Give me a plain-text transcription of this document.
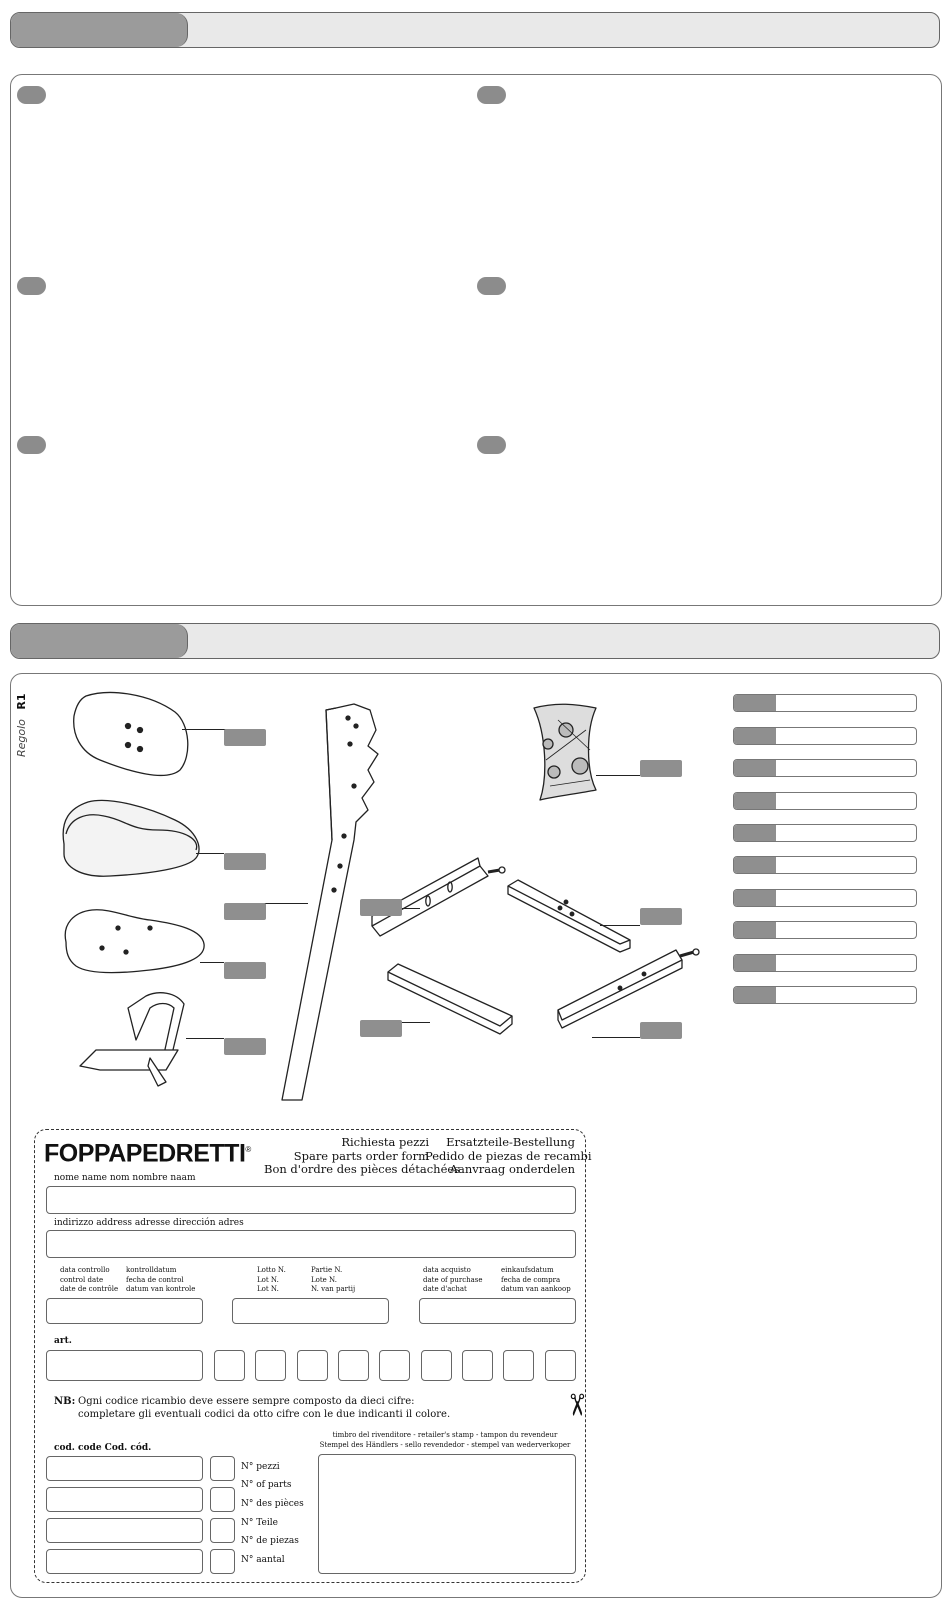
Regolo R1
FOPPAPEDRETTI®
Richiesta pezzi
Spare parts order form
Bon d'ordre des pièces détachées
Ersatzteile-Bestellung
Pedido de piezas de recambi
Aanvraag onderdelen
nome name nom nombre naam
indirizzo address adresse dirección adres
data controllo
control date
date de contrôle
kontrolldatum
fecha de control
datum van kontrole
Lotto N.
Lot N.
Lot N.
Partie N.
Lote N.
N. van partij
data acquisto
date of purchase
date d'achat
einkaufsdatum
fecha de compra
datum van aankoop
art.
NB: Ogni codice ricambio deve essere sempre composto da dieci cifre:
completare gli eventuali codici da otto cifre con le due indicanti il colore.	✂
timbro del rivenditore - retailer's stamp - tampon du revendeur
Stempel des Händlers - sello revendedor - stempel van wederverkoper
cod. code Cod. cód.
N° pezzi
N° of parts
N° des pièces
N° Teile
N° de piezas
N° aantal
